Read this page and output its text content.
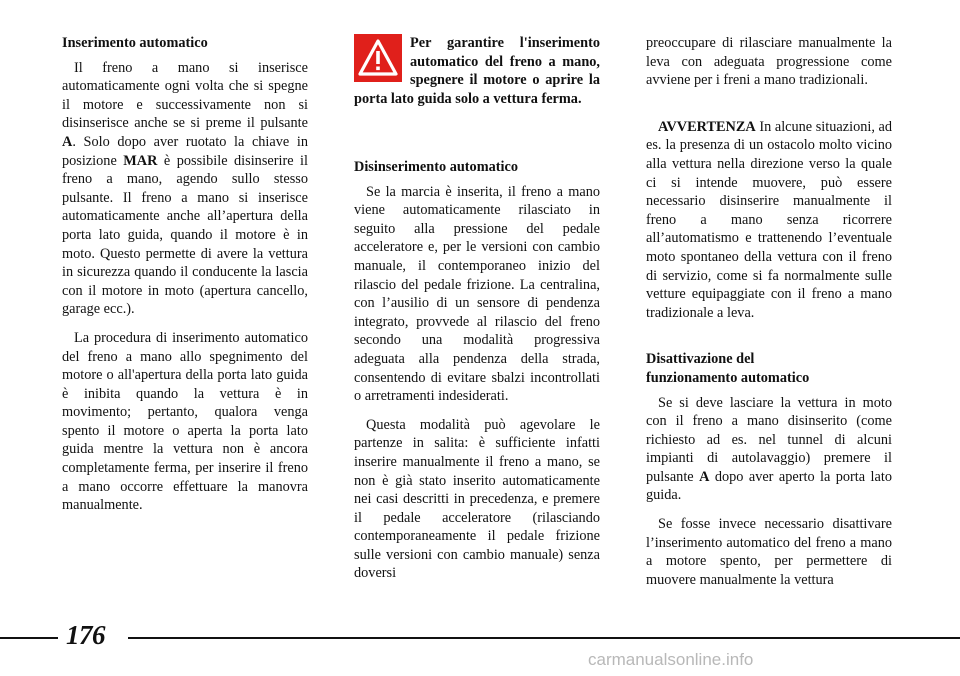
Inserimento automatico

Il freno a mano si inserisce automaticamente ogni volta che si spegne il motore e successivamente non si disinserisce anche se si preme il pulsante A. Solo dopo aver ruotato la chiave in posizione MAR è possibile disinserire il freno a mano, agendo sullo stesso pulsante. Il freno a mano si inserisce automaticamente anche all’apertura della porta lato guida, quando il motore è in moto. Questo permette di avere la vettura in sicurezza quando il conducente la lascia con il motore in moto (apertura cancello, garage ecc.).

La procedura di inserimento automatico del freno a mano allo spegnimento del motore o all'apertura della porta lato guida è inibita quando la vettura è in movimento; pertanto, qualora venga spento il motore o aperta la porta lato guida mentre la vettura non è ancora completamente ferma, per inserire il freno a mano occorre effettuare la manovra manualmente.

Per garantire l'inserimento automatico del freno a mano, spegnere il motore o aprire la porta lato guida solo a vettura ferma.

Disinserimento automatico

Se la marcia è inserita, il freno a mano viene automaticamente rilasciato in seguito alla pressione del pedale acceleratore e, per le versioni con cambio manuale, il contemporaneo inizio del rilascio del pedale frizione. La centralina, con l’ausilio di un sensore di pendenza integrato, provvede al rilascio del freno secondo una modalità progressiva adeguata alla pendenza della strada, consentendo di evitare sbalzi incontrollati o arretramenti indesiderati.

Questa modalità può agevolare le partenze in salita: è sufficiente infatti inserire manualmente il freno a mano, se non è già stato inserito automaticamente nei casi descritti in precedenza, e premere il pedale acceleratore (rilasciando contemporaneamente il pedale frizione sulle versioni con cambio manuale) senza doversi

preoccupare di rilasciare manualmente la leva con adeguata progressione come avviene per i freni a mano tradizionali.

AVVERTENZA In alcune situazioni, ad es. la presenza di un ostacolo molto vicino alla vettura nella direzione verso la quale ci si intende muovere, può essere necessario disinserire manualmente il freno a mano senza ricorrere all’automatismo e trattenendo l’eventuale moto spontaneo della vettura con il freno di servizio, come si fa normalmente sulle vetture equipaggiate con il freno a mano tradizionale a leva.

Disattivazione del
funzionamento automatico

Se si deve lasciare la vettura in moto con il freno a mano disinserito (come richiesto ad es. nel tunnel di alcuni impianti di autolavaggio) premere il pulsante A dopo aver aperto la porta lato guida.

Se fosse invece necessario disattivare l’inserimento automatico del freno a mano a motore spento, per permettere di muovere manualmente la vettura

176
carmanualsonline.info
